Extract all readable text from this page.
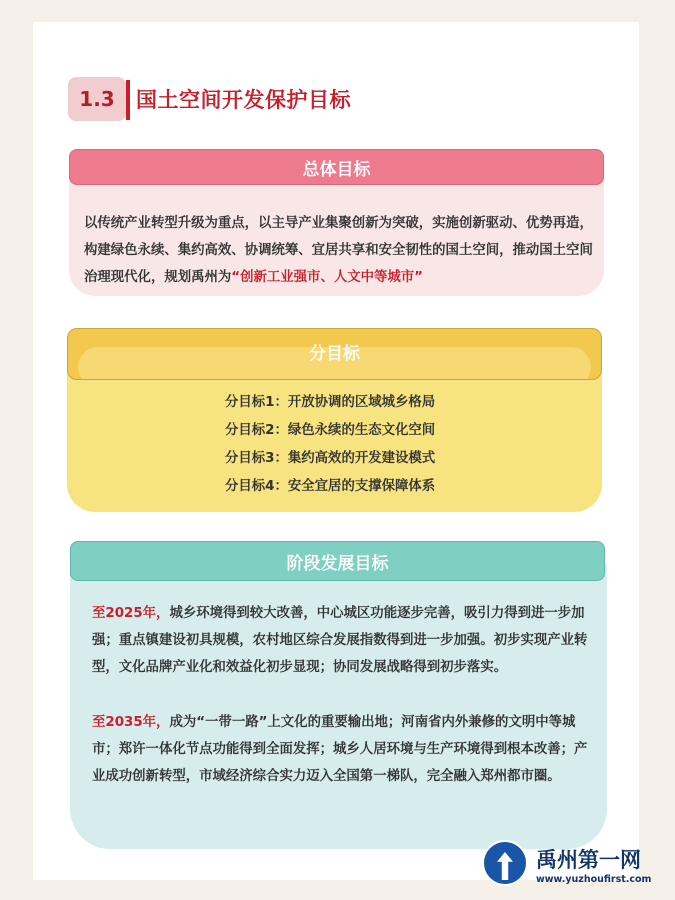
1.3	国土空间开发保护目标
总体目标
以传统产业转型升级为重点，以主导产业集聚创新为突破，实施创新驱动、优势再造，构建绿色永续、集约高效、协调统筹、宜居共享和安全韧性的国土空间，推动国土空间治理现代化，规划禹州为“创新工业强市、人文中等城市”
分目标
分目标1：开放协调的区域城乡格局
分目标2：绿色永续的生态文化空间
分目标3：集约高效的开发建设模式
分目标4：安全宜居的支撑保障体系
阶段发展目标

至2025年，城乡环境得到较大改善，中心城区功能逐步完善，吸引力得到进一步加强；重点镇建设初具规模，农村地区综合发展指数得到进一步加强。初步实现产业转型，文化品牌产业化和效益化初步显现；协同发展战略得到初步落实。

至2035年，成为“一带一路”上文化的重要输出地；河南省内外兼修的文明中等城市；郑许一体化节点功能得到全面发挥；城乡人居环境与生产环境得到根本改善；产业成功创新转型，市域经济综合实力迈入全国第一梯队，完全融入郑州都市圈。

禹州第一网
www.yuzhoufirst.com
